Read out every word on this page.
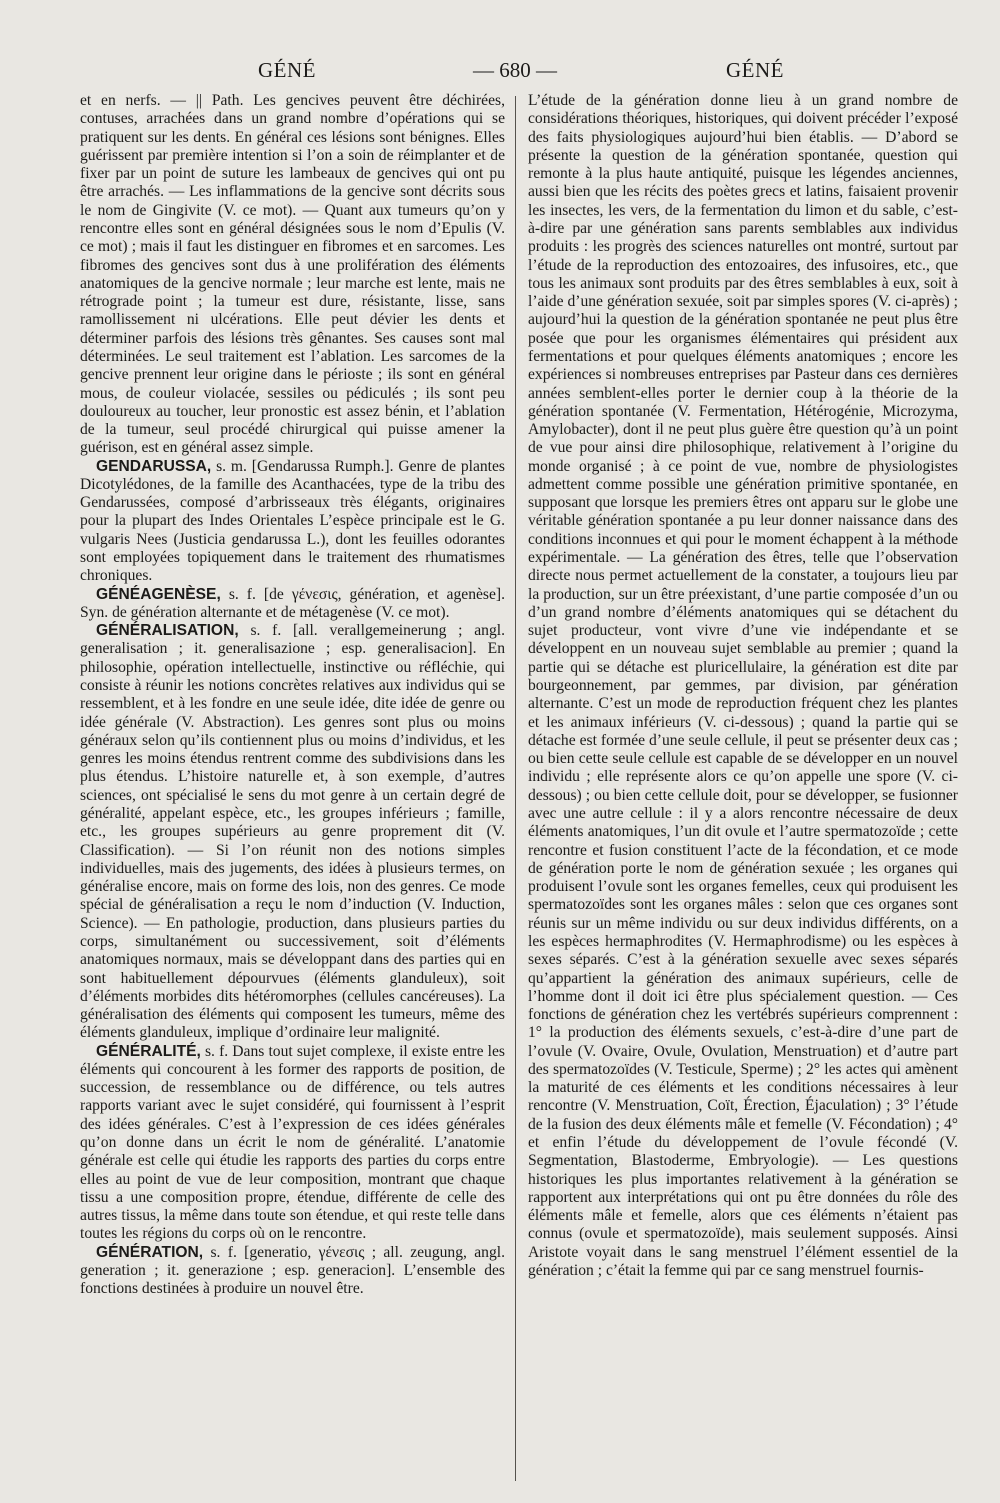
GÉNÉ	— 680 —	GÉNÉ

et en nerfs. — || Path. Les gencives peuvent être déchirées, contuses, arrachées dans un grand nombre d’opérations qui se pratiquent sur les dents. En général ces lésions sont bénignes. Elles guérissent par première intention si l’on a soin de réimplanter et de fixer par un point de suture les lambeaux de gencives qui ont pu être arrachés. — Les inflammations de la gencive sont décrits sous le nom de Gingivite (V. ce mot). — Quant aux tumeurs qu’on y rencontre elles sont en général désignées sous le nom d’Epulis (V. ce mot) ; mais il faut les distinguer en fibromes et en sarcomes. Les fibromes des gencives sont dus à une prolifération des éléments anatomiques de la gencive normale ; leur marche est lente, mais ne rétrograde point ; la tumeur est dure, résistante, lisse, sans ramollissement ni ulcérations. Elle peut dévier les dents et déterminer parfois des lésions très gênantes. Ses causes sont mal déterminées. Le seul traitement est l’ablation. Les sarcomes de la gencive prennent leur origine dans le périoste ; ils sont en général mous, de couleur violacée, sessiles ou pédiculés ; ils sont peu douloureux au toucher, leur pronostic est assez bénin, et l’ablation de la tumeur, seul procédé chirurgical qui puisse amener la guérison, est en général assez simple.

GENDARUSSA, s. m. [Gendarussa Rumph.]. Genre de plantes Dicotylédones, de la famille des Acanthacées, type de la tribu des Gendarussées, composé d’arbrisseaux très élégants, originaires pour la plupart des Indes Orientales L’espèce principale est le G. vulgaris Nees (Justicia gendarussa L.), dont les feuilles odorantes sont employées topiquement dans le traitement des rhumatismes chroniques.

GÉNÉAGENÈSE, s. f. [de γένεσις, génération, et agenèse]. Syn. de génération alternante et de métagenèse (V. ce mot).

GÉNÉRALISATION, s. f. [all. verallgemeinerung ; angl. generalisation ; it. generalisazione ; esp. generalisacion]. En philosophie, opération intellectuelle, instinctive ou réfléchie, qui consiste à réunir les notions concrètes relatives aux individus qui se ressemblent, et à les fondre en une seule idée, dite idée de genre ou idée générale (V. Abstraction). Les genres sont plus ou moins généraux selon qu’ils contiennent plus ou moins d’individus, et les genres les moins étendus rentrent comme des subdivisions dans les plus étendus. L’histoire naturelle et, à son exemple, d’autres sciences, ont spécialisé le sens du mot genre à un certain degré de généralité, appelant espèce, etc., les groupes inférieurs ; famille, etc., les groupes supérieurs au genre proprement dit (V. Classification). — Si l’on réunit non des notions simples individuelles, mais des jugements, des idées à plusieurs termes, on généralise encore, mais on forme des lois, non des genres. Ce mode spécial de généralisation a reçu le nom d’induction (V. Induction, Science). — En pathologie, production, dans plusieurs parties du corps, simultanément ou successivement, soit d’éléments anatomiques normaux, mais se développant dans des parties qui en sont habituellement dépourvues (éléments glanduleux), soit d’éléments morbides dits hétéromorphes (cellules cancéreuses). La généralisation des éléments qui composent les tumeurs, même des éléments glanduleux, implique d’ordinaire leur malignité.

GÉNÉRALITÉ, s. f. Dans tout sujet complexe, il existe entre les éléments qui concourent à les former des rapports de position, de succession, de ressemblance ou de différence, ou tels autres rapports variant avec le sujet considéré, qui fournissent à l’esprit des idées générales. C’est à l’expression de ces idées générales qu’on donne dans un écrit le nom de généralité. L’anatomie générale est celle qui étudie les rapports des parties du corps entre elles au point de vue de leur composition, montrant que chaque tissu a une composition propre, étendue, différente de celle des autres tissus, la même dans toute son étendue, et qui reste telle dans toutes les régions du corps où on le rencontre.

GÉNÉRATION, s. f. [generatio, γένεσις ; all. zeugung, angl. generation ; it. generazione ; esp. generacion]. L’ensemble des fonctions destinées à produire un nouvel être.

L’étude de la génération donne lieu à un grand nombre de considérations théoriques, historiques, qui doivent précéder l’exposé des faits physiologiques aujourd’hui bien établis. — D’abord se présente la question de la génération spontanée, question qui remonte à la plus haute antiquité, puisque les légendes anciennes, aussi bien que les récits des poètes grecs et latins, faisaient provenir les insectes, les vers, de la fermentation du limon et du sable, c’est-à-dire par une génération sans parents semblables aux individus produits : les progrès des sciences naturelles ont montré, surtout par l’étude de la reproduction des entozoaires, des infusoires, etc., que tous les animaux sont produits par des êtres semblables à eux, soit à l’aide d’une génération sexuée, soit par simples spores (V. ci-après) ; aujourd’hui la question de la génération spontanée ne peut plus être posée que pour les organismes élémentaires qui président aux fermentations et pour quelques éléments anatomiques ; encore les expériences si nombreuses entreprises par Pasteur dans ces dernières années semblent-elles porter le dernier coup à la théorie de la génération spontanée (V. Fermentation, Hétérogénie, Microzyma, Amylobacter), dont il ne peut plus guère être question qu’à un point de vue pour ainsi dire philosophique, relativement à l’origine du monde organisé ; à ce point de vue, nombre de physiologistes admettent comme possible une génération primitive spontanée, en supposant que lorsque les premiers êtres ont apparu sur le globe une véritable génération spontanée a pu leur donner naissance dans des conditions inconnues et qui pour le moment échappent à la méthode expérimentale. — La génération des êtres, telle que l’observation directe nous permet actuellement de la constater, a toujours lieu par la production, sur un être préexistant, d’une partie composée d’un ou d’un grand nombre d’éléments anatomiques qui se détachent du sujet producteur, vont vivre d’une vie indépendante et se développent en un nouveau sujet semblable au premier ; quand la partie qui se détache est pluricellulaire, la génération est dite par bourgeonnement, par gemmes, par division, par génération alternante. C’est un mode de reproduction fréquent chez les plantes et les animaux inférieurs (V. ci-dessous) ; quand la partie qui se détache est formée d’une seule cellule, il peut se présenter deux cas ; ou bien cette seule cellule est capable de se développer en un nouvel individu ; elle représente alors ce qu’on appelle une spore (V. ci-dessous) ; ou bien cette cellule doit, pour se développer, se fusionner avec une autre cellule : il y a alors rencontre nécessaire de deux éléments anatomiques, l’un dit ovule et l’autre spermatozoïde ; cette rencontre et fusion constituent l’acte de la fécondation, et ce mode de génération porte le nom de génération sexuée ; les organes qui produisent l’ovule sont les organes femelles, ceux qui produisent les spermatozoïdes sont les organes mâles : selon que ces organes sont réunis sur un même individu ou sur deux individus différents, on a les espèces hermaphrodites (V. Hermaphrodisme) ou les espèces à sexes séparés. C’est à la génération sexuelle avec sexes séparés qu’appartient la génération des animaux supérieurs, celle de l’homme dont il doit ici être plus spécialement question. — Ces fonctions de génération chez les vertébrés supérieurs comprennent : 1° la production des éléments sexuels, c’est-à-dire d’une part de l’ovule (V. Ovaire, Ovule, Ovulation, Menstruation) et d’autre part des spermatozoïdes (V. Testicule, Sperme) ; 2° les actes qui amènent la maturité de ces éléments et les conditions nécessaires à leur rencontre (V. Menstruation, Coït, Érection, Éjaculation) ; 3° l’étude de la fusion des deux éléments mâle et femelle (V. Fécondation) ; 4° et enfin l’étude du développement de l’ovule fécondé (V. Segmentation, Blastoderme, Embryologie). — Les questions historiques les plus importantes relativement à la génération se rapportent aux interprétations qui ont pu être données du rôle des éléments mâle et femelle, alors que ces éléments n’étaient pas connus (ovule et spermatozoïde), mais seulement supposés. Ainsi Aristote voyait dans le sang menstruel l’élément essentiel de la génération ; c’était la femme qui par ce sang menstruel fournis-
